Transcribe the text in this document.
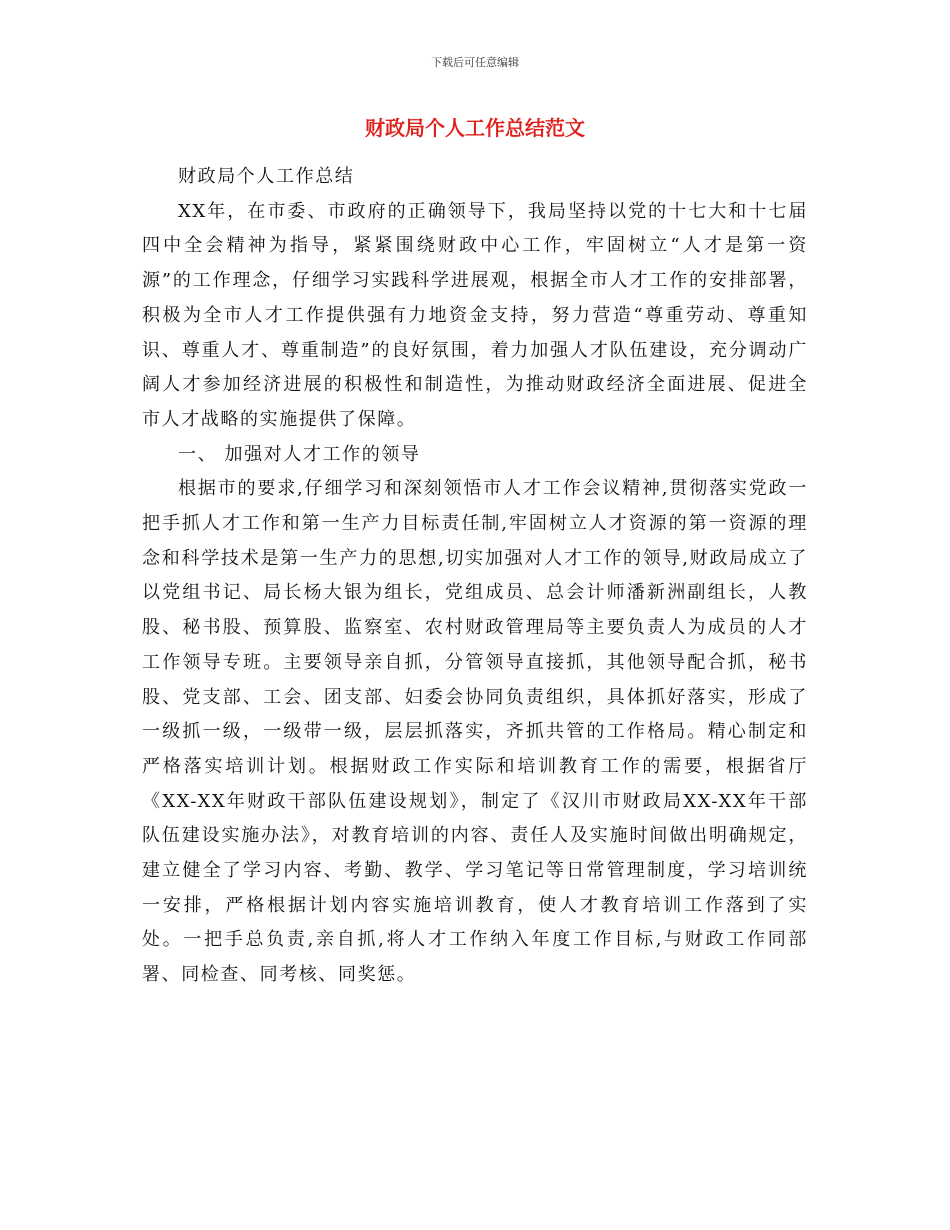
下载后可任意编辑
财政局个人工作总结范文

财政局个人工作总结

XX年，在市委、市政府的正确领导下，我局坚持以党的十七大和十七届四中全会精神为指导，紧紧围绕财政中心工作，牢固树立“人才是第一资源”的工作理念，仔细学习实践科学进展观，根据全市人才工作的安排部署，积极为全市人才工作提供强有力地资金支持，努力营造“尊重劳动、尊重知识、尊重人才、尊重制造”的良好氛围，着力加强人才队伍建设，充分调动广阔人才参加经济进展的积极性和制造性，为推动财政经济全面进展、促进全市人才战略的实施提供了保障。

一、 加强对人才工作的领导

根据市的要求,仔细学习和深刻领悟市人才工作会议精神,贯彻落实党政一把手抓人才工作和第一生产力目标责任制,牢固树立人才资源的第一资源的理念和科学技术是第一生产力的思想,切实加强对人才工作的领导,财政局成立了以党组书记、局长杨大银为组长，党组成员、总会计师潘新洲副组长，人教股、秘书股、预算股、监察室、农村财政管理局等主要负责人为成员的人才工作领导专班。主要领导亲自抓，分管领导直接抓，其他领导配合抓，秘书股、党支部、工会、团支部、妇委会协同负责组织，具体抓好落实，形成了一级抓一级，一级带一级，层层抓落实，齐抓共管的工作格局。精心制定和严格落实培训计划。根据财政工作实际和培训教育工作的需要，根据省厅《XX-XX年财政干部队伍建设规划》，制定了《汉川市财政局XX-XX年干部队伍建设实施办法》，对教育培训的内容、责任人及实施时间做出明确规定，建立健全了学习内容、考勤、教学、学习笔记等日常管理制度，学习培训统一安排，严格根据计划内容实施培训教育，使人才教育培训工作落到了实处。一把手总负责,亲自抓,将人才工作纳入年度工作目标,与财政工作同部署、同检查、同考核、同奖惩。
